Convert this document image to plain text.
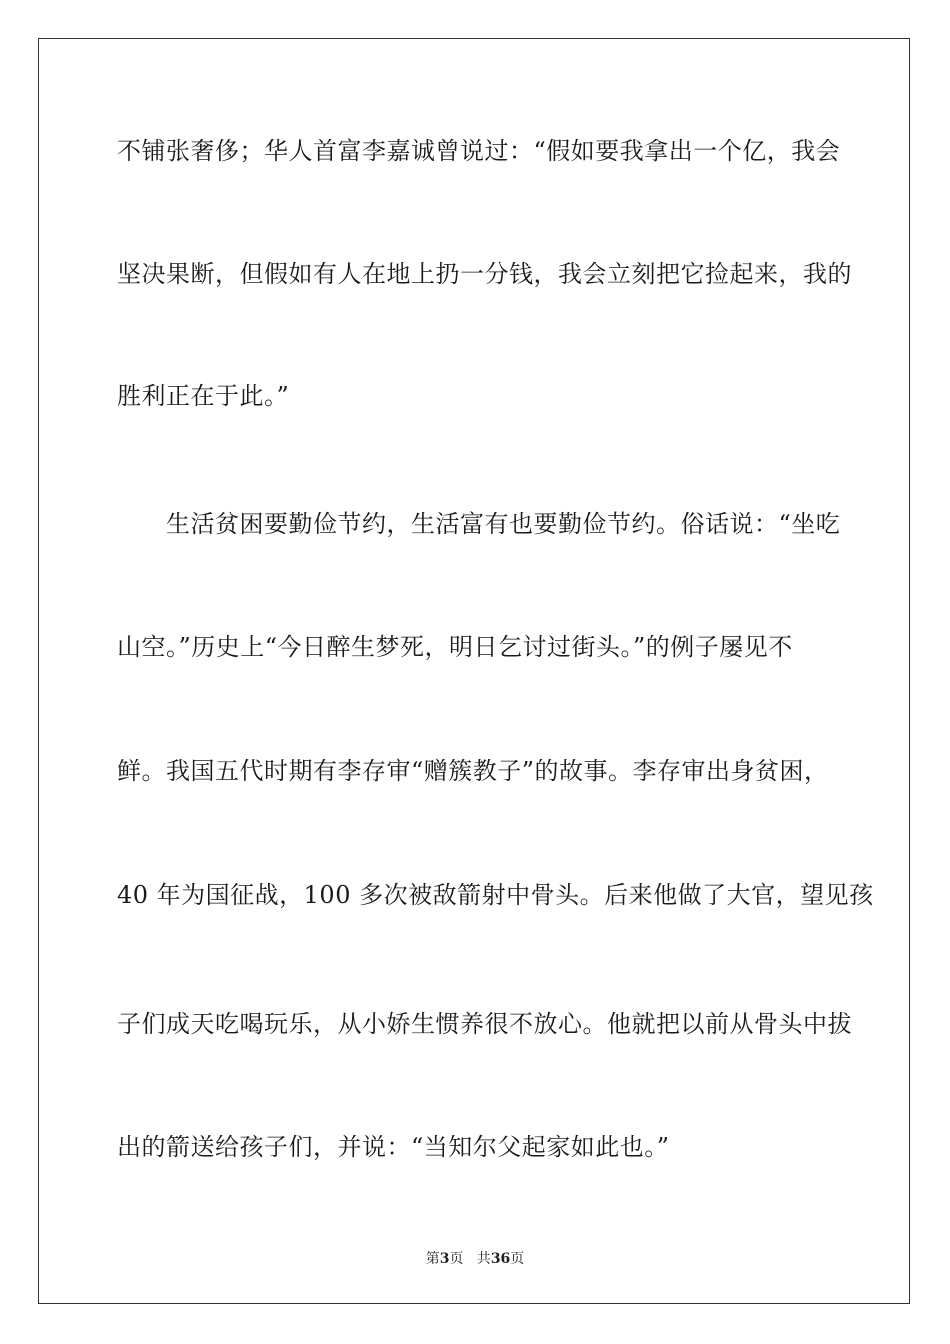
不铺张奢侈；华人首富李嘉诚曾说过：“假如要我拿出一个亿，我会
坚决果断，但假如有人在地上扔一分钱，我会立刻把它捡起来，我的
胜利正在于此。”
生活贫困要勤俭节约，生活富有也要勤俭节约。俗话说：“坐吃
山空。”历史上“今日醉生梦死，明日乞讨过街头。”的例子屡见不
鲜。我国五代时期有李存审“赠簇教子”的故事。李存审出身贫困，
40 年为国征战，100 多次被敌箭射中骨头。后来他做了大官，望见孩
子们成天吃喝玩乐，从小娇生惯养很不放心。他就把以前从骨头中拔
出的箭送给孩子们，并说：“当知尔父起家如此也。”
第3页   共36页
